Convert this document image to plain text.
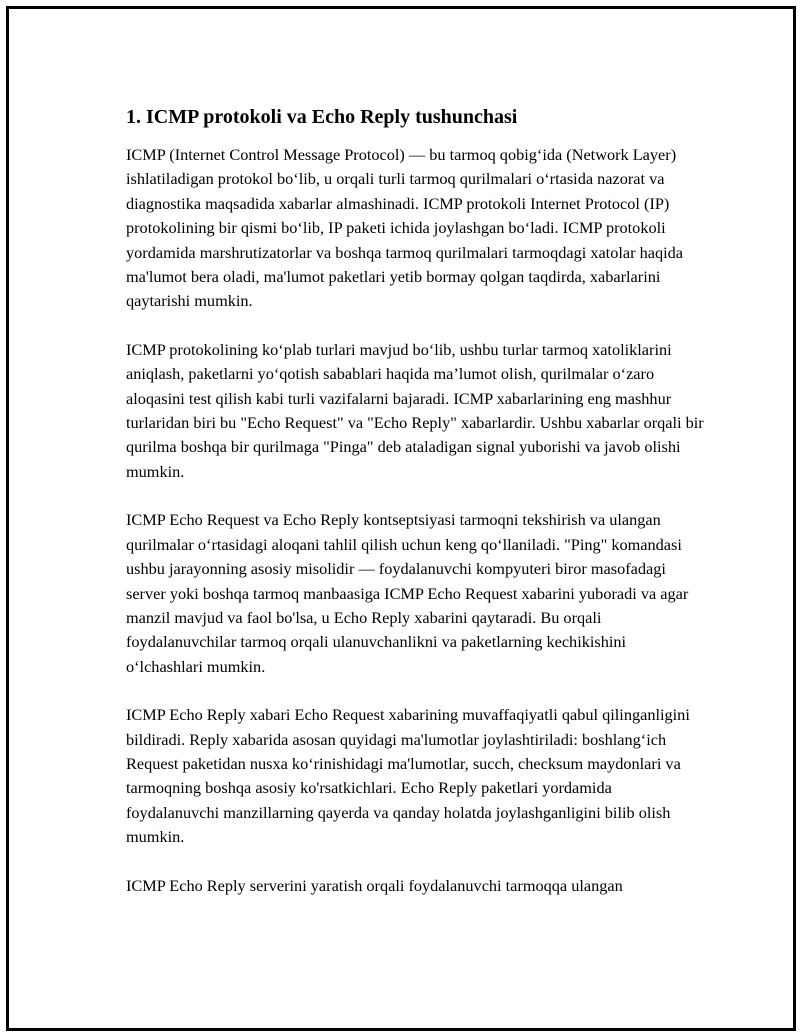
1. ICMP protokoli va Echo Reply tushunchasi

ICMP (Internet Control Message Protocol) — bu tarmoq qobig‘ida (Network Layer) ishlatiladigan protokol bo‘lib, u orqali turli tarmoq qurilmalari o‘rtasida nazorat va diagnostika maqsadida xabarlar almashinadi. ICMP protokoli Internet Protocol (IP) protokolining bir qismi bo‘lib, IP paketi ichida joylashgan bo‘ladi. ICMP protokoli yordamida marshrutizatorlar va boshqa tarmoq qurilmalari tarmoqdagi xatolar haqida ma'lumot bera oladi, ma'lumot paketlari yetib bormay qolgan taqdirda, xabarlarini qaytarishi mumkin.

ICMP protokolining ko‘plab turlari mavjud bo‘lib, ushbu turlar tarmoq xatoliklarini aniqlash, paketlarni yo‘qotish sabablari haqida ma’lumot olish, qurilmalar o‘zaro aloqasini test qilish kabi turli vazifalarni bajaradi. ICMP xabarlarining eng mashhur turlaridan biri bu "Echo Request" va "Echo Reply" xabarlardir. Ushbu xabarlar orqali bir qurilma boshqa bir qurilmaga "Pinga" deb ataladigan signal yuborishi va javob olishi mumkin.

ICMP Echo Request va Echo Reply kontseptsiyasi tarmoqni tekshirish va ulangan qurilmalar o‘rtasidagi aloqani tahlil qilish uchun keng qo‘llaniladi. "Ping" komandasi ushbu jarayonning asosiy misolidir — foydalanuvchi kompyuteri biror masofadagi server yoki boshqa tarmoq manbaasiga ICMP Echo Request xabarini yuboradi va agar manzil mavjud va faol bo'lsa, u Echo Reply xabarini qaytaradi. Bu orqali foydalanuvchilar tarmoq orqali ulanuvchanlikni va paketlarning kechikishini o‘lchashlari mumkin.

ICMP Echo Reply xabari Echo Request xabarining muvaffaqiyatli qabul qilinganligini bildiradi. Reply xabarida asosan quyidagi ma'lumotlar joylashtiriladi: boshlang‘ich Request paketidan nusxa ko‘rinishidagi ma'lumotlar, succh, checksum maydonlari va tarmoqning boshqa asosiy ko'rsatkichlari. Echo Reply paketlari yordamida foydalanuvchi manzillarning qayerda va qanday holatda joylashganligini bilib olish mumkin.

ICMP Echo Reply serverini yaratish orqali foydalanuvchi tarmoqqa ulangan
